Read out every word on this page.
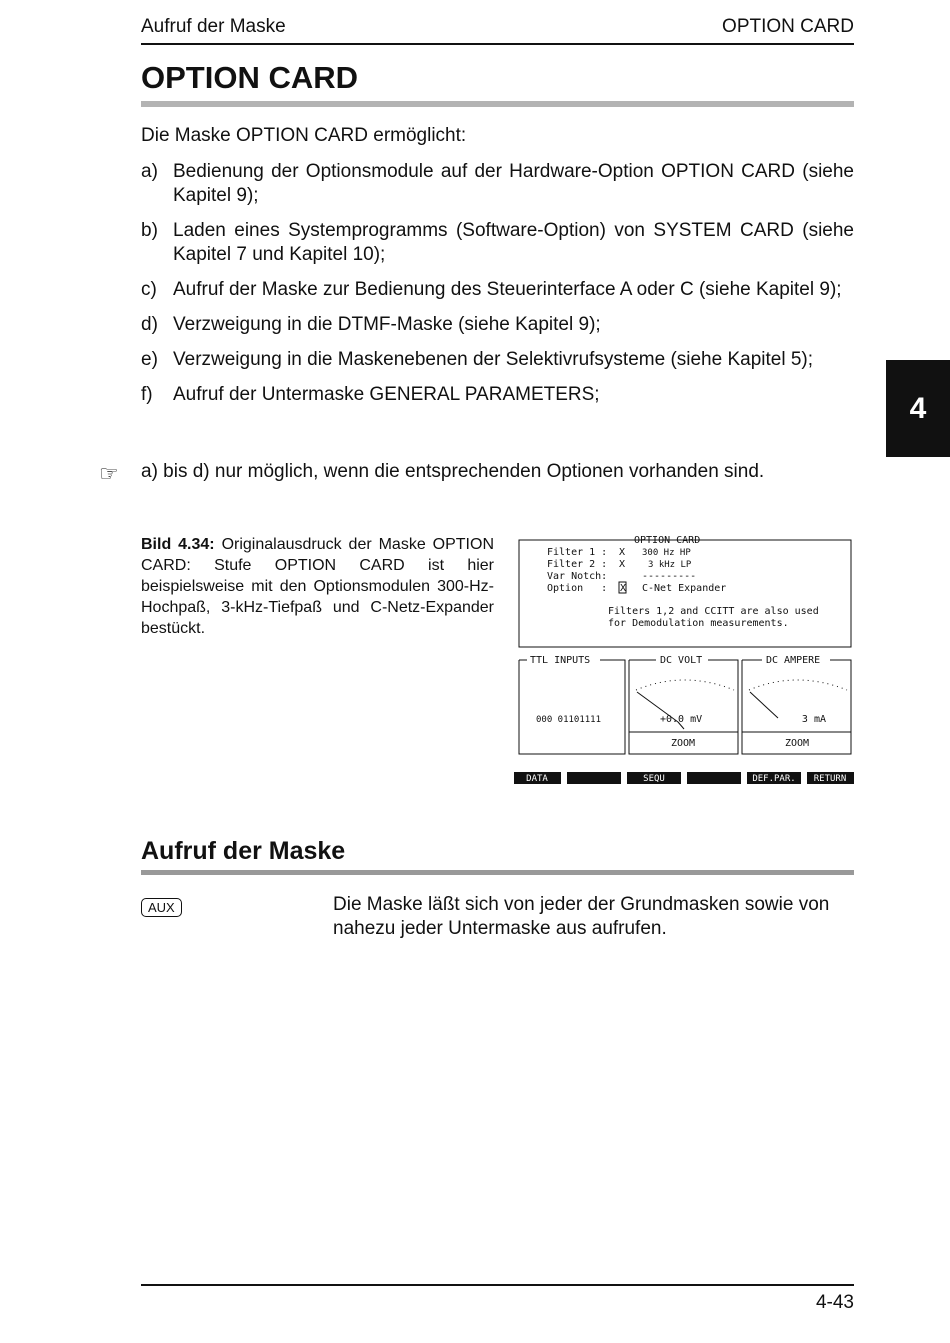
Aufruf der Maske	OPTION CARD
OPTION CARD
Die Maske OPTION CARD ermöglicht:
a) Bedienung der Optionsmodule auf der Hardware-Option OPTION CARD (siehe Kapitel 9);
b) Laden eines Systemprogramms (Software-Option) von SYSTEM CARD (siehe Kapitel 7 und Kapitel 10);
c) Aufruf der Maske zur Bedienung des Steuerinterface A oder C (siehe Kapitel 9);
d) Verzweigung in die DTMF-Maske (siehe Kapitel 9);
e) Verzweigung in die Maskenebenen der Selektivrufsysteme (siehe Kapitel 5);
f)	Aufruf der Untermaske GENERAL PARAMETERS;	4
☞ a) bis d) nur möglich, wenn die entsprechenden Optionen vorhanden sind.
Bild 4.34: Originalausdruck der Maske OPTION CARD: Stufe OPTION CARD ist hier beispielsweise mit den Optionsmodulen 300-Hz-Hochpaß, 3-kHz-Tiefpaß und C-Netz-Expander bestückt.
OPTION CARD
Filter 1 : X 300 Hz HP
Filter 2 : X	3 kHz LP
Var Notch:	---------
Option   : X C-Net Expander
Filters 1,2 and CCITT are also used
for Demodulation measurements.
TTL INPUTS
000 01101111
DC VOLT
+0.0 mV
ZOOM
DC AMPERE
3 mA
ZOOM
DATA	SEQU	DEF.PAR. RETURN
Aufruf der Maske
AUX	Die Maske läßt sich von jeder der Grundmasken sowie von nahezu jeder Untermaske aus aufrufen.
4-43
